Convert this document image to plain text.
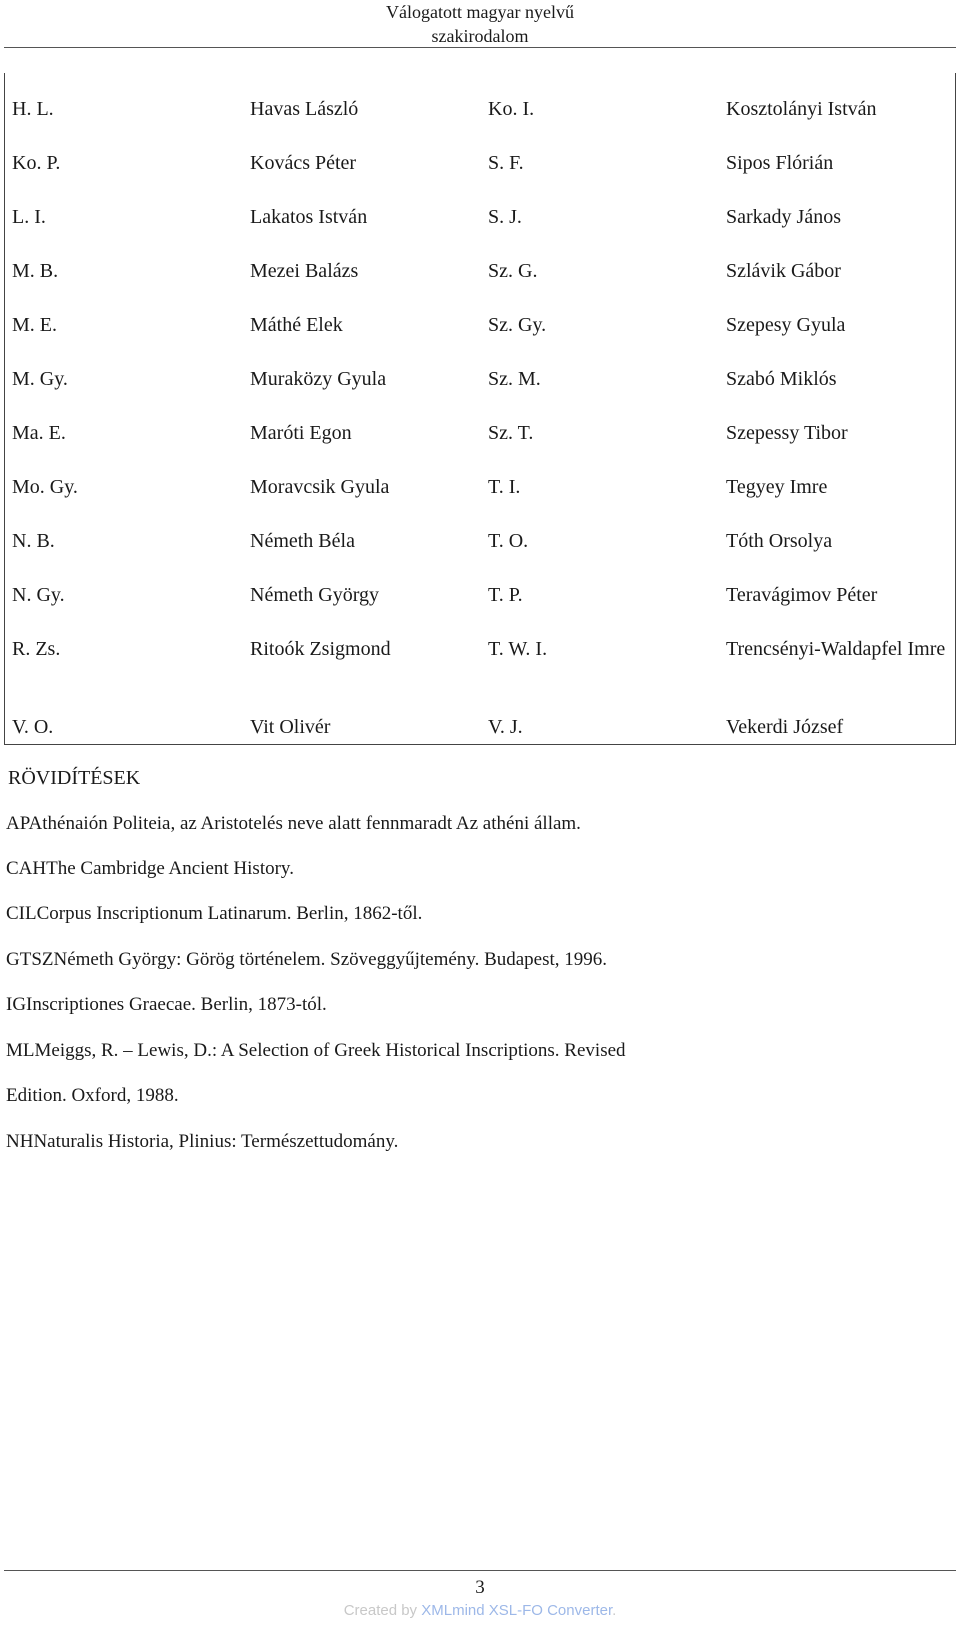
Válogatott magyar nyelvű
szakirodalom
H. L.	Havas László	Ko. I.	Kosztolányi István
Ko. P.	Kovács Péter	S. F.	Sipos Flórián
L. I.	Lakatos István	S. J.	Sarkady János
M. B.	Mezei Balázs	Sz. G.	Szlávik Gábor
M. E.	Máthé Elek	Sz. Gy.	Szepesy Gyula
M. Gy.	Muraközy Gyula	Sz. M.	Szabó Miklós
Ma. E.	Maróti Egon	Sz. T.	Szepessy Tibor
Mo. Gy.	Moravcsik Gyula	T. I.	Tegyey Imre
N. B.	Németh Béla	T. O.	Tóth Orsolya
N. Gy.	Németh György	T. P.	Teravágimov Péter
R. Zs.	Ritoók Zsigmond	T. W. I.	Trencsényi-Waldapfel Imre
V. O.	Vit Olivér	V. J.	Vekerdi József
RÖVIDÍTÉSEK
APAthénaión Politeia, az Aristotelés neve alatt fennmaradt Az athéni állam.
CAHThe Cambridge Ancient History.
CILCorpus Inscriptionum Latinarum. Berlin, 1862-től.
GTSZNémeth György: Görög történelem. Szöveggyűjtemény. Budapest, 1996.
IGInscriptiones Graecae. Berlin, 1873-tól.
MLMeiggs, R. – Lewis, D.: A Selection of Greek Historical Inscriptions. Revised
Edition. Oxford, 1988.
NHNaturalis Historia, Plinius: Természettudomány.
3
Created by XMLmind XSL-FO Converter.
